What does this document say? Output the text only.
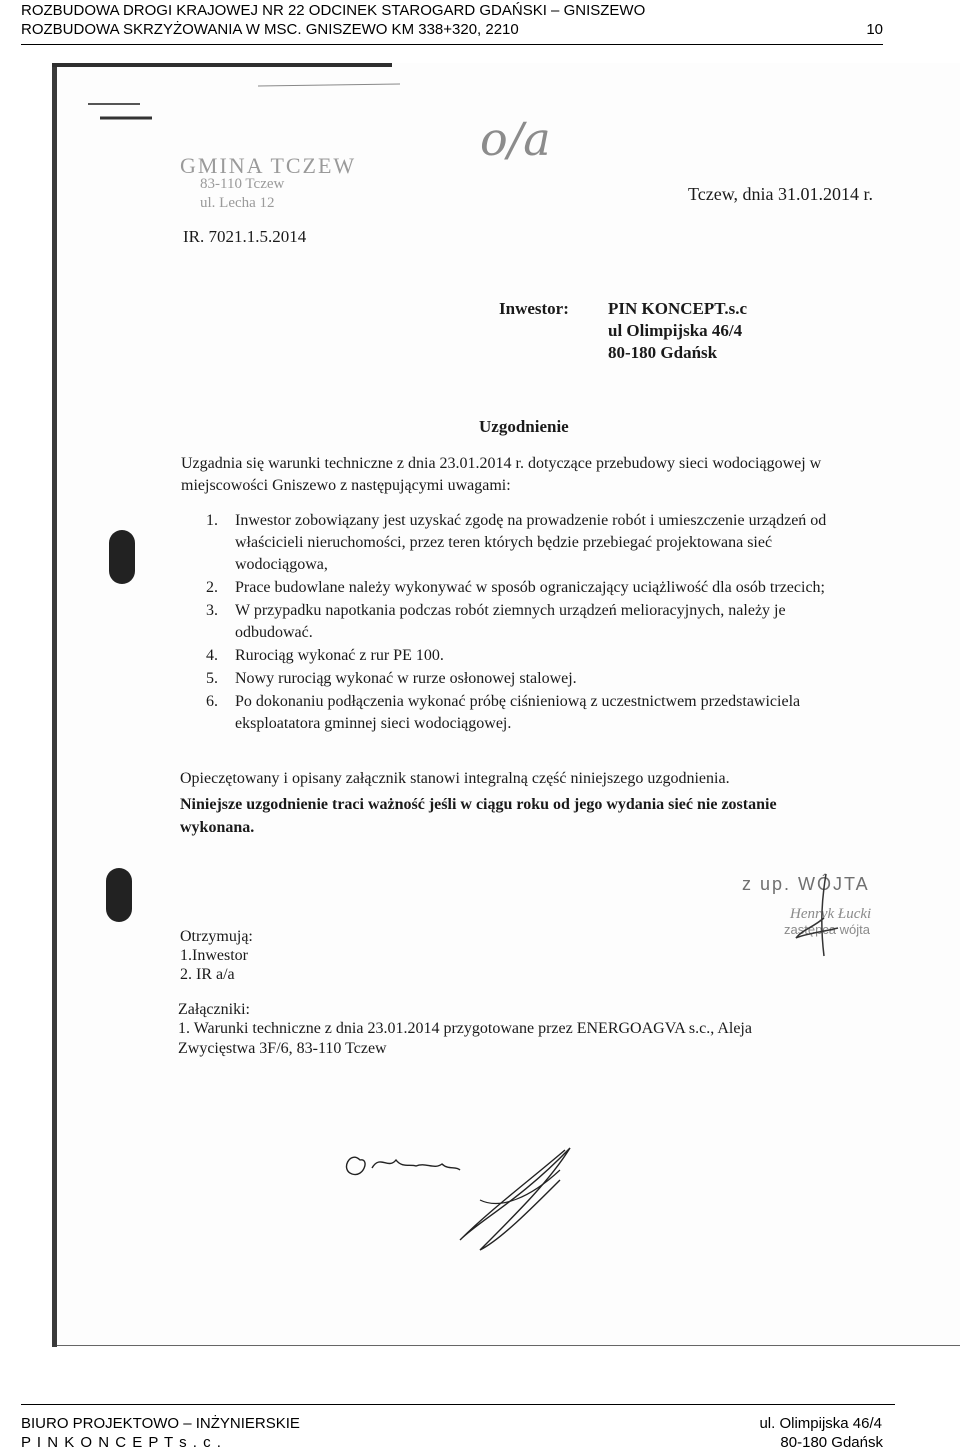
ROZBUDOWA DROGI KRAJOWEJ NR 22 ODCINEK STAROGARD GDAŃSKI – GNISZEWO
ROZBUDOWA SKRZYŻOWANIA W MSC. GNISZEWO KM 338+320, 2210	10
o/a
GMINA TCZEW
83-110 Tczew
ul. Lecha 12
IR. 7021.1.5.2014
Tczew, dnia 31.01.2014 r.
Inwestor: PIN KONCEPT.s.c
ul Olimpijska 46/4
80-180 Gdańsk
Uzgodnienie
Uzgadnia się warunki techniczne z dnia 23.01.2014 r. dotyczące przebudowy sieci wodociągowej w
miejscowości Gniszewo z następującymi uwagami:
1. Inwestor zobowiązany jest uzyskać zgodę na prowadzenie robót i umieszczenie urządzeń od
właścicieli nieruchomości, przez teren których będzie przebiegać projektowana sieć
wodociągowa,
2. Prace budowlane należy wykonywać w sposób ograniczający uciążliwość dla osób trzecich;
3. W przypadku napotkania podczas robót ziemnych urządzeń melioracyjnych, należy je
odbudować.
4. Rurociąg wykonać z rur PE 100.
5. Nowy rurociąg wykonać w rurze osłonowej stalowej.
6. Po dokonaniu podłączenia wykonać próbę ciśnieniową z uczestnictwem przedstawiciela
eksploatatora gminnej sieci wodociągowej.
Opieczętowany i opisany załącznik stanowi integralną część niniejszego uzgodnienia.
Niniejsze uzgodnienie traci ważność jeśli w ciągu roku od jego wydania sieć nie zostanie
wykonana.
z up. WÓJTA
Henryk Łucki
zastępca wójta
Otrzymują:
1.Inwestor
2. IR a/a
Załączniki:
1. Warunki techniczne z dnia 23.01.2014 przygotowane przez ENERGOAGVA s.c., Aleja
Zwycięstwa 3F/6, 83-110 Tczew
BIURO PROJEKTOWO – INŻYNIERSKIE
P I N K O N C E P T s . c .
ul. Olimpijska 46/4
80-180 Gdańsk
